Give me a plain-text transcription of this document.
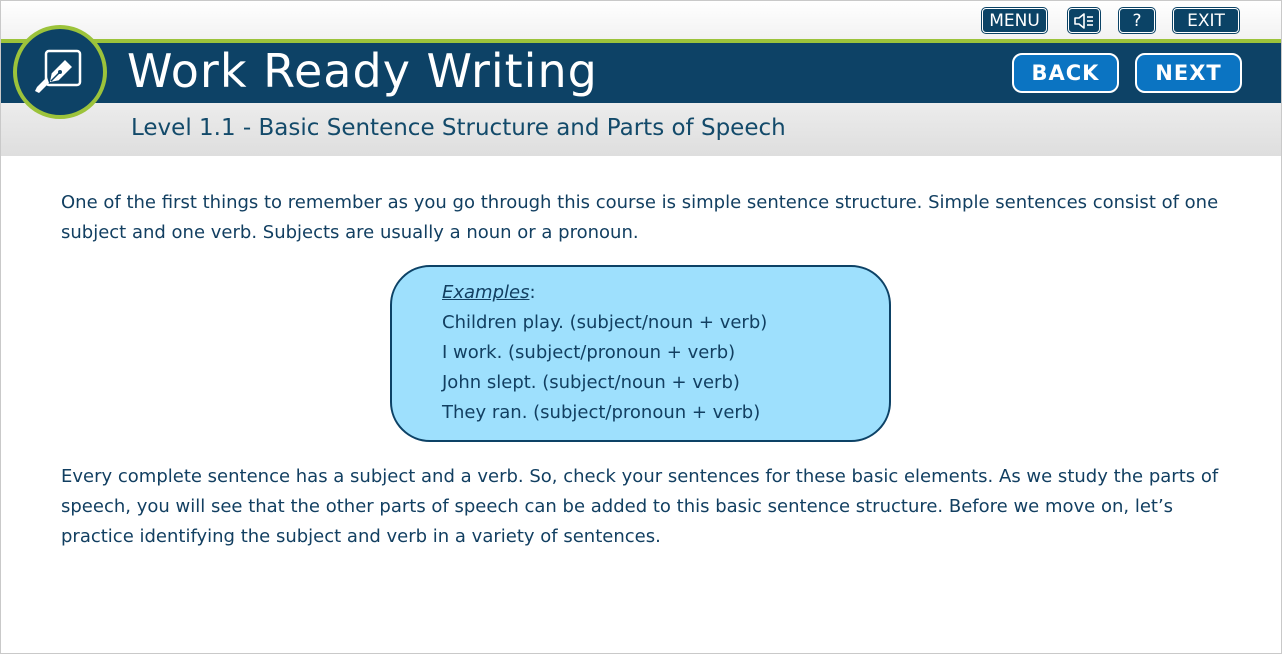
MENU	?	EXIT
Work Ready Writing	BACK	NEXT
Level 1.1 - Basic Sentence Structure and Parts of Speech

One of the first things to remember as you go through this course is simple sentence structure. Simple sentences consist of one subject and one verb. Subjects are usually a noun or a pronoun.

Examples:
Children play. (subject/noun + verb)
I work. (subject/pronoun + verb)
John slept. (subject/noun + verb)
They ran. (subject/pronoun + verb)

Every complete sentence has a subject and a verb. So, check your sentences for these basic elements. As we study the parts of speech, you will see that the other parts of speech can be added to this basic sentence structure. Before we move on, let’s practice identifying the subject and verb in a variety of sentences.
